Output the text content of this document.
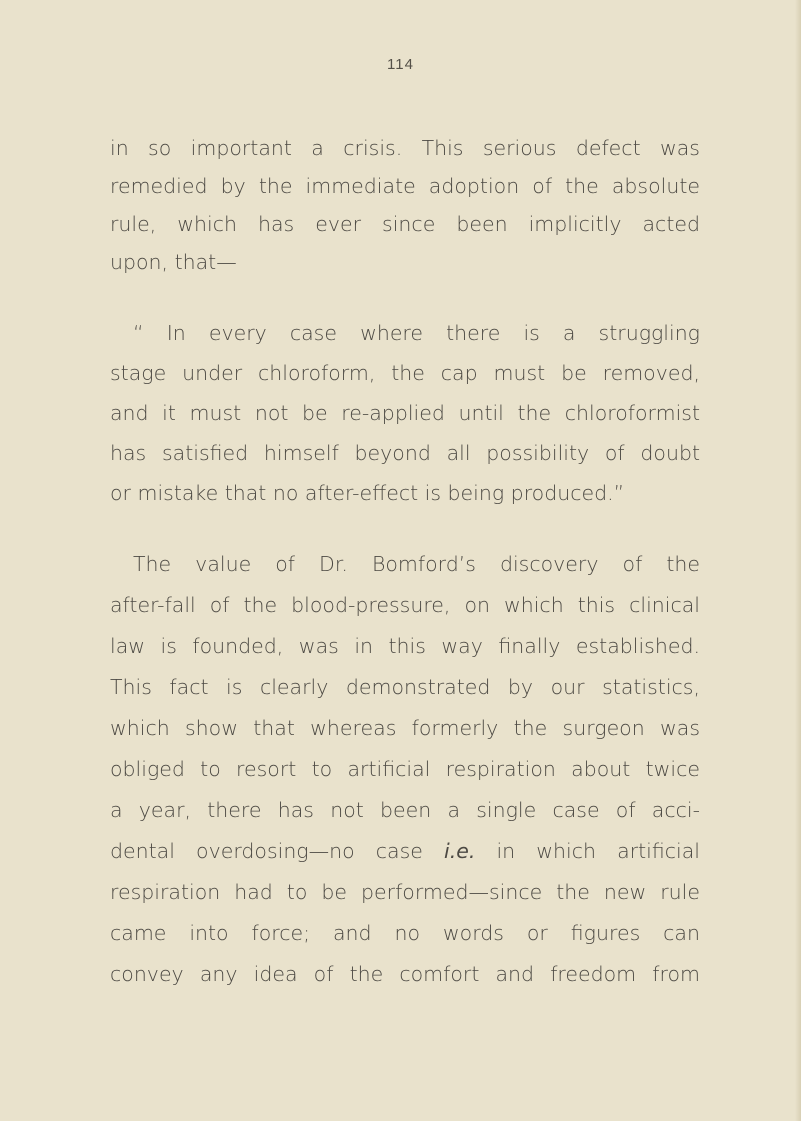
114
in so important a crisis. This serious defect was
remedied by the immediate adoption of the absolute
rule, which has ever since been implicitly acted
upon, that—
“ In every case where there is a struggling
stage under chloroform, the cap must be removed,
and it must not be re-applied until the chloroformist
has satisfied himself beyond all possibility of doubt
or mistake that no after-effect is being produced.”
The value of Dr. Bomford’s discovery of the
after-fall of the blood-pressure, on which this clinical
law is founded, was in this way finally established.
This fact is clearly demonstrated by our statistics,
which show that whereas formerly the surgeon was
obliged to resort to artificial respiration about twice
a year, there has not been a single case of acci-
dental overdosing—no case i.e. in which artificial
respiration had to be performed—since the new rule
came into force; and no words or figures can
convey any idea of the comfort and freedom from
